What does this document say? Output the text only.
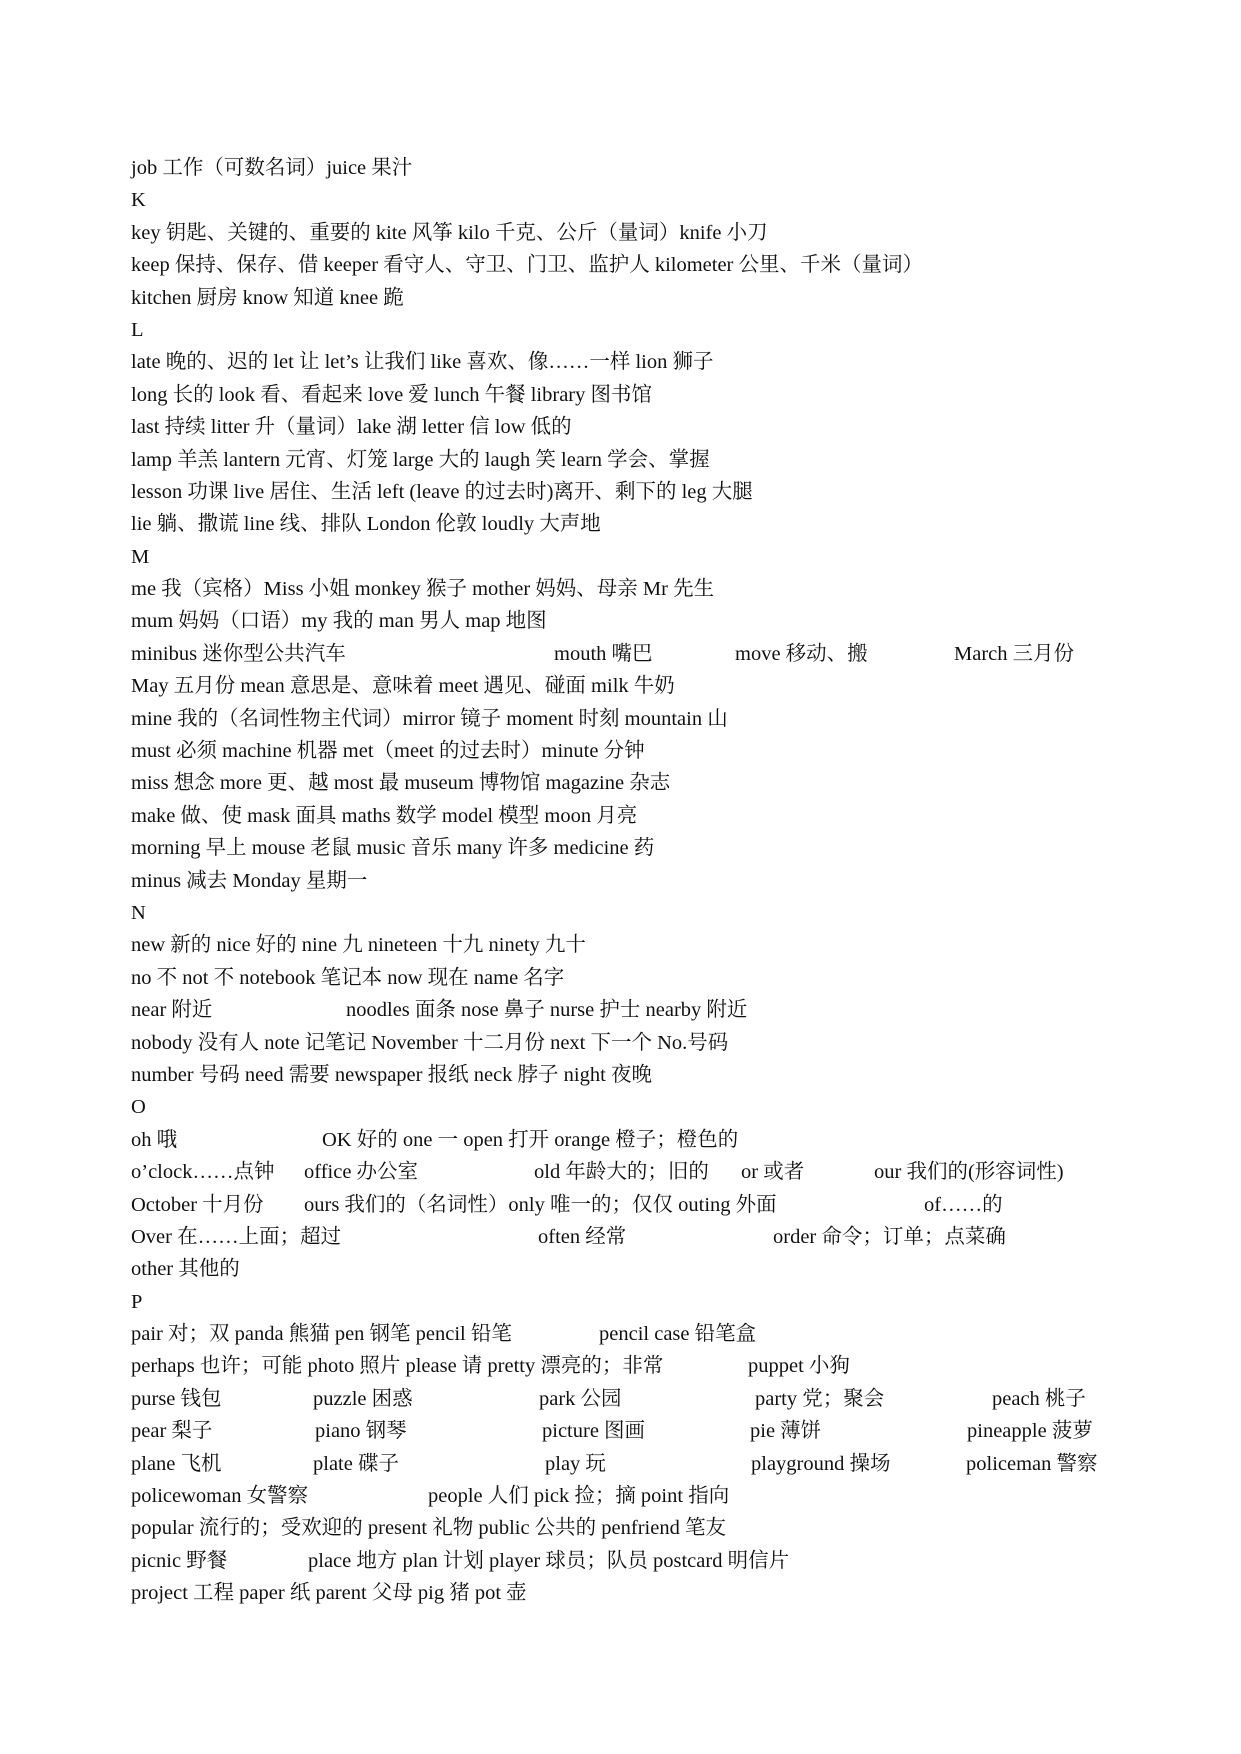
job 工作（可数名词）juice 果汁
K
key 钥匙、关键的、重要的 kite 风筝 kilo 千克、公斤（量词）knife 小刀
keep 保持、保存、借 keeper 看守人、守卫、门卫、监护人 kilometer 公里、千米（量词）
kitchen 厨房 know 知道 knee 跪
L
late 晚的、迟的 let 让 let’s 让我们 like 喜欢、像……一样 lion 狮子
long 长的 look 看、看起来 love 爱 lunch 午餐 library 图书馆
last 持续 litter 升（量词）lake 湖 letter 信 low 低的
lamp 羊羔 lantern 元宵、灯笼 large 大的 laugh 笑 learn 学会、掌握
lesson 功课 live 居住、生活 left (leave 的过去时)离开、剩下的 leg 大腿
lie 躺、撒谎 line 线、排队 London 伦敦 loudly 大声地
M
me 我（宾格）Miss 小姐 monkey 猴子 mother 妈妈、母亲 Mr 先生
mum 妈妈（口语）my 我的 man 男人 map 地图
minibus 迷你型公共汽车	mouth 嘴巴	move 移动、搬	March 三月份
May 五月份 mean 意思是、意味着 meet 遇见、碰面 milk 牛奶
mine 我的（名词性物主代词）mirror 镜子 moment 时刻 mountain 山
must 必须 machine 机器 met（meet 的过去时）minute 分钟
miss 想念 more 更、越 most 最 museum 博物馆 magazine 杂志
make 做、使 mask 面具 maths 数学 model 模型 moon 月亮
morning 早上 mouse 老鼠 music 音乐 many 许多 medicine 药
minus 减去 Monday 星期一
N
new 新的 nice 好的 nine 九 nineteen 十九 ninety 九十
no 不 not 不 notebook 笔记本 now 现在 name 名字
near 附近	noodles 面条 nose 鼻子 nurse 护士 nearby 附近
nobody 没有人 note 记笔记 November 十二月份 next 下一个 No.号码
number 号码 need 需要 newspaper 报纸 neck 脖子 night 夜晚
O
oh 哦	OK 好的 one 一 open 打开 orange 橙子；橙色的
o’clock……点钟 office 办公室	old 年龄大的；旧的 or 或者	our 我们的(形容词性)
October 十月份 ours 我们的（名词性）only 唯一的；仅仅 outing 外面	of……的
Over 在……上面；超过	often 经常	order 命令；订单；点菜确
other 其他的
P
pair 对；双 panda 熊猫 pen 钢笔 pencil 铅笔	pencil case 铅笔盒
perhaps 也许；可能 photo 照片 please 请 pretty 漂亮的；非常	puppet 小狗
purse 钱包	puzzle 困惑	park 公园	party 党；聚会	peach 桃子
pear 梨子	piano 钢琴	picture 图画	pie 薄饼	pineapple 菠萝
plane 飞机	plate 碟子	play 玩	playground 操场	policeman 警察
policewoman 女警察	people 人们 pick 捡；摘 point 指向
popular 流行的；受欢迎的 present 礼物 public 公共的 penfriend 笔友
picnic 野餐	place 地方 plan 计划 player 球员；队员 postcard 明信片
project 工程 paper 纸 parent 父母 pig 猪 pot 壶
